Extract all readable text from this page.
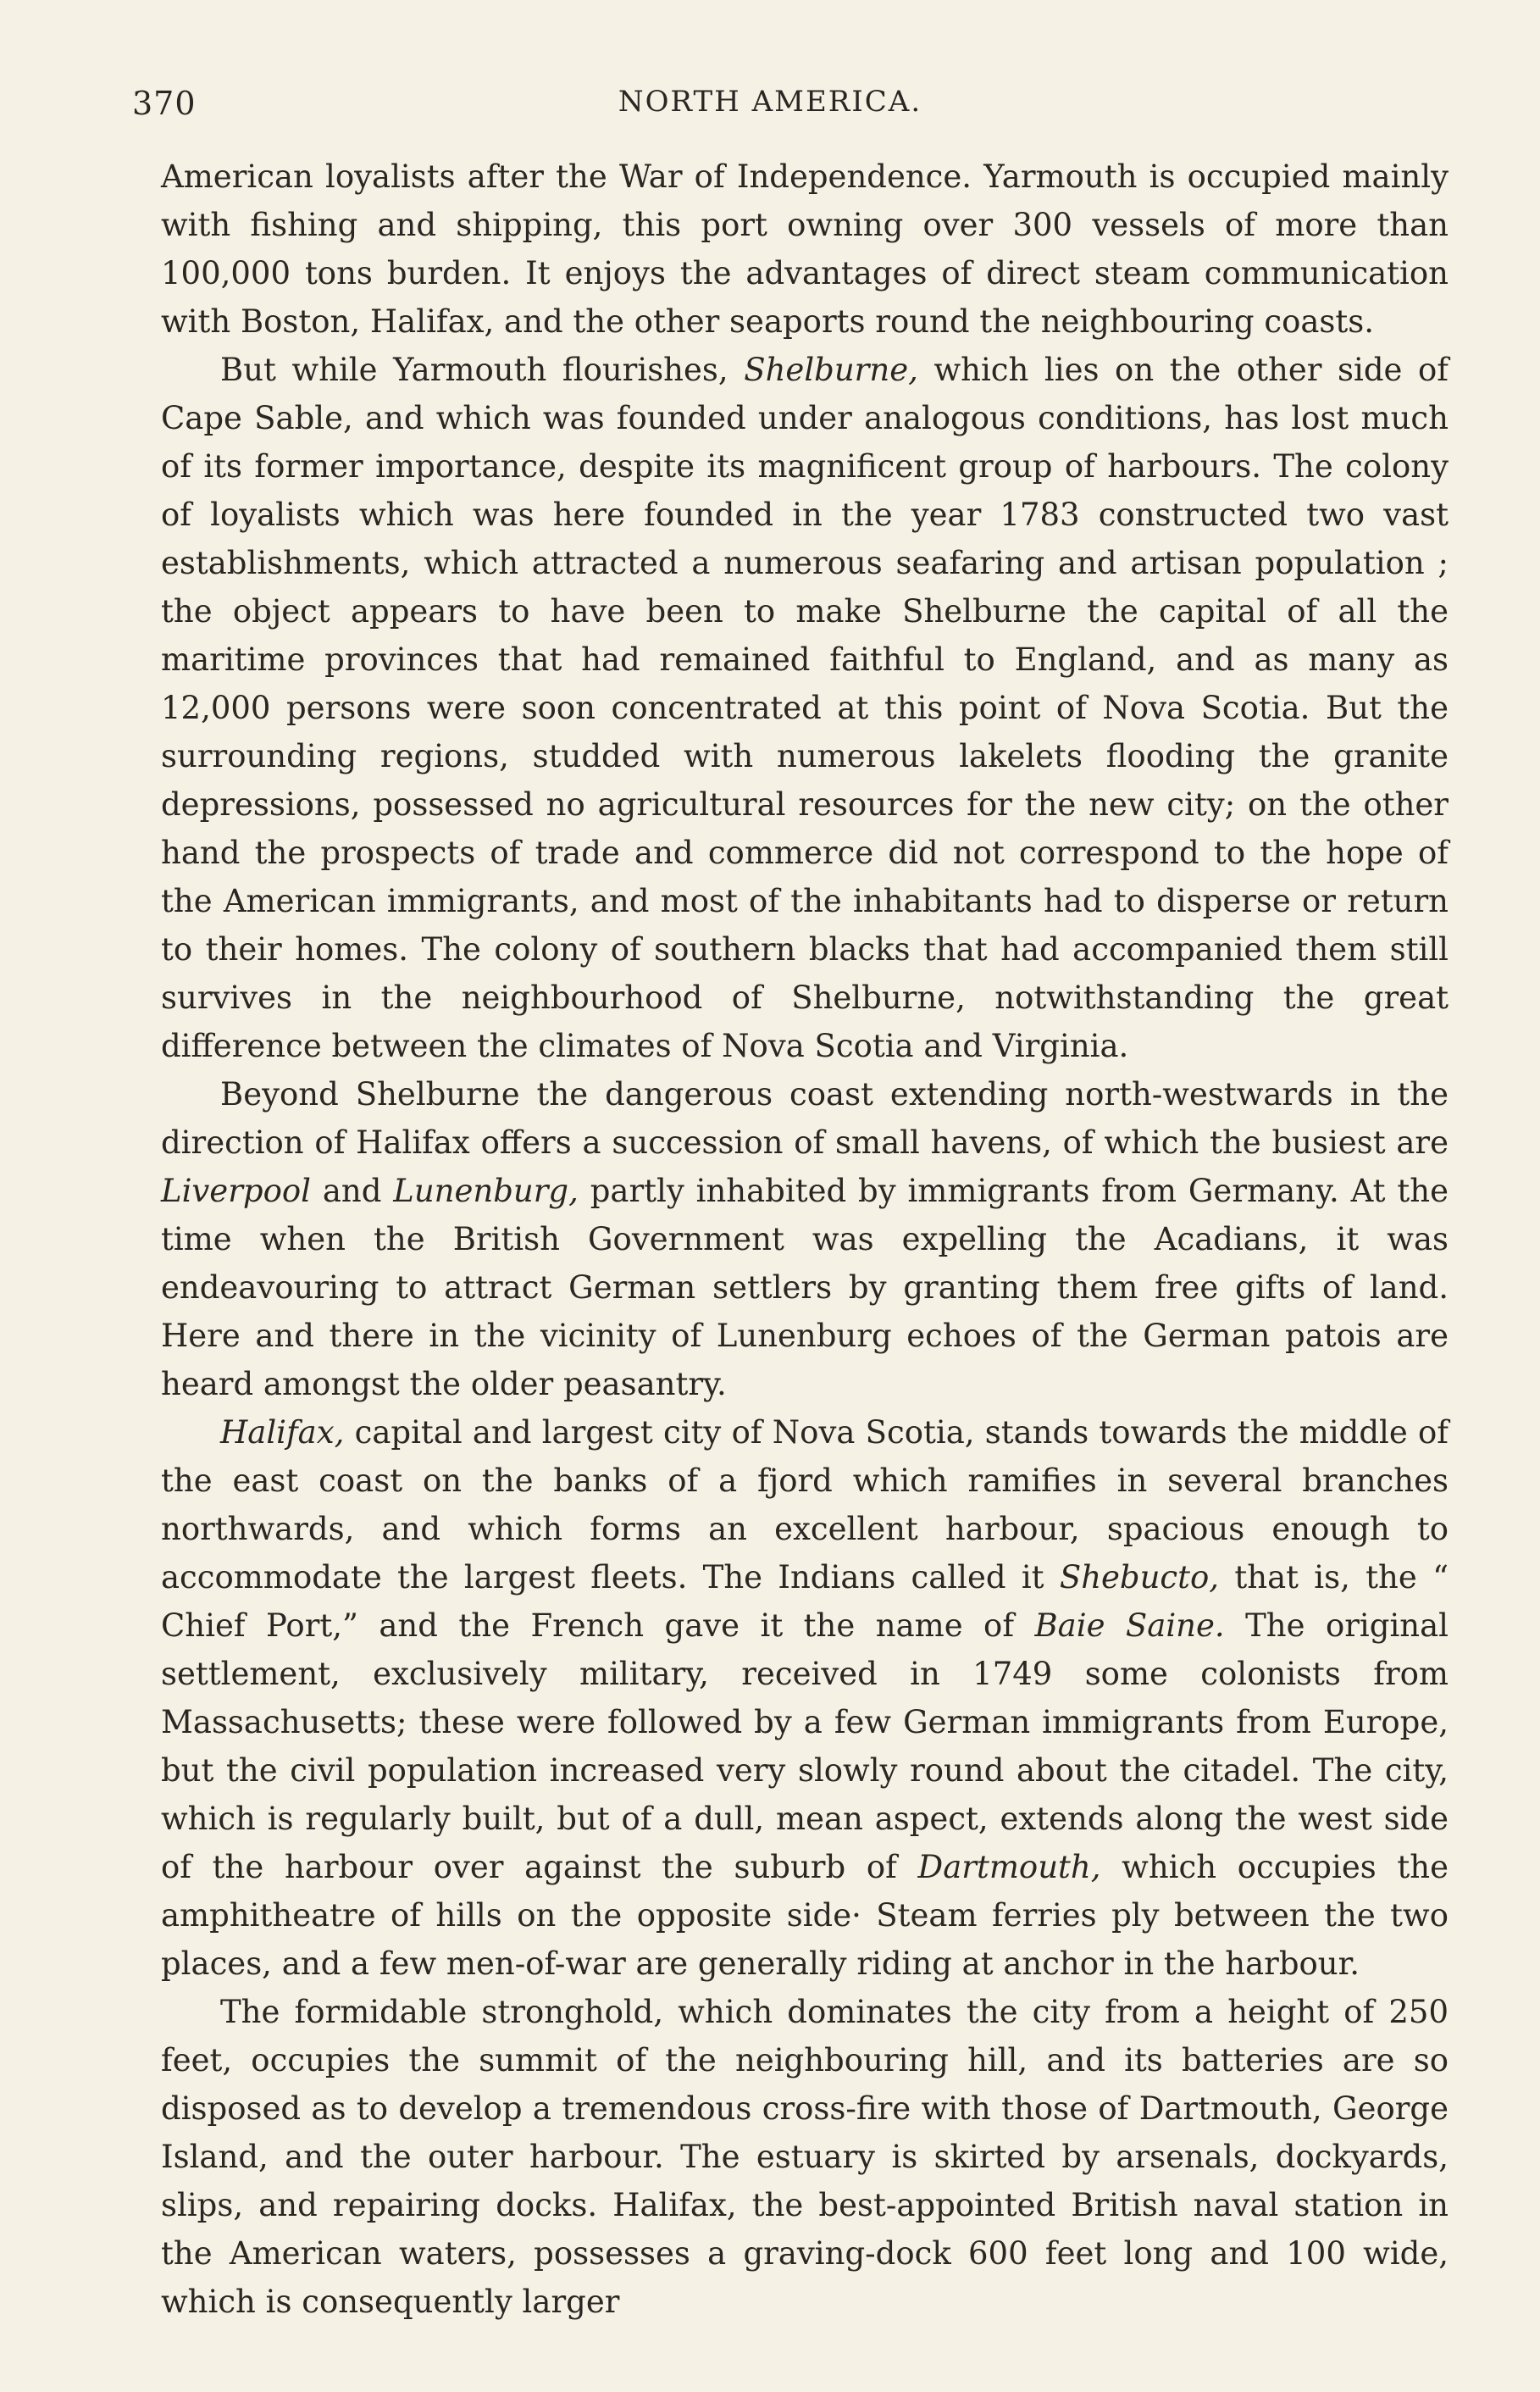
370	NORTH AMERICA.

American loyalists after the War of Independence. Yarmouth is occupied mainly with fishing and shipping, this port owning over 300 vessels of more than 100,000 tons burden. It enjoys the advantages of direct steam communication with Boston, Halifax, and the other seaports round the neighbouring coasts.

But while Yarmouth flourishes, Shelburne, which lies on the other side of Cape Sable, and which was founded under analogous conditions, has lost much of its former importance, despite its magnificent group of harbours. The colony of loyalists which was here founded in the year 1783 constructed two vast establishments, which attracted a numerous seafaring and artisan population ; the object appears to have been to make Shelburne the capital of all the maritime provinces that had remained faithful to England, and as many as 12,000 persons were soon concentrated at this point of Nova Scotia. But the surrounding regions, studded with numerous lakelets flooding the granite depressions, possessed no agricultural resources for the new city; on the other hand the prospects of trade and commerce did not correspond to the hope of the American immigrants, and most of the inhabitants had to disperse or return to their homes. The colony of southern blacks that had accompanied them still survives in the neighbourhood of Shelburne, notwithstanding the great difference between the climates of Nova Scotia and Virginia.

Beyond Shelburne the dangerous coast extending north-westwards in the direction of Halifax offers a succession of small havens, of which the busiest are Liverpool and Lunenburg, partly inhabited by immigrants from Germany. At the time when the British Government was expelling the Acadians, it was endeavouring to attract German settlers by granting them free gifts of land. Here and there in the vicinity of Lunenburg echoes of the German patois are heard amongst the older peasantry.

Halifax, capital and largest city of Nova Scotia, stands towards the middle of the east coast on the banks of a fjord which ramifies in several branches northwards, and which forms an excellent harbour, spacious enough to accommodate the largest fleets. The Indians called it Shebucto, that is, the “ Chief Port,” and the French gave it the name of Baie Saine. The original settlement, exclusively military, received in 1749 some colonists from Massachusetts; these were followed by a few German immigrants from Europe, but the civil population increased very slowly round about the citadel. The city, which is regularly built, but of a dull, mean aspect, extends along the west side of the harbour over against the suburb of Dartmouth, which occupies the amphitheatre of hills on the opposite side· Steam ferries ply between the two places, and a few men-of-war are generally riding at anchor in the harbour.

The formidable stronghold, which dominates the city from a height of 250 feet, occupies the summit of the neighbouring hill, and its batteries are so disposed as to develop a tremendous cross-fire with those of Dartmouth, George Island, and the outer harbour. The estuary is skirted by arsenals, dockyards, slips, and repairing docks. Halifax, the best-appointed British naval station in the American waters, possesses a graving-dock 600 feet long and 100 wide, which is consequently larger
